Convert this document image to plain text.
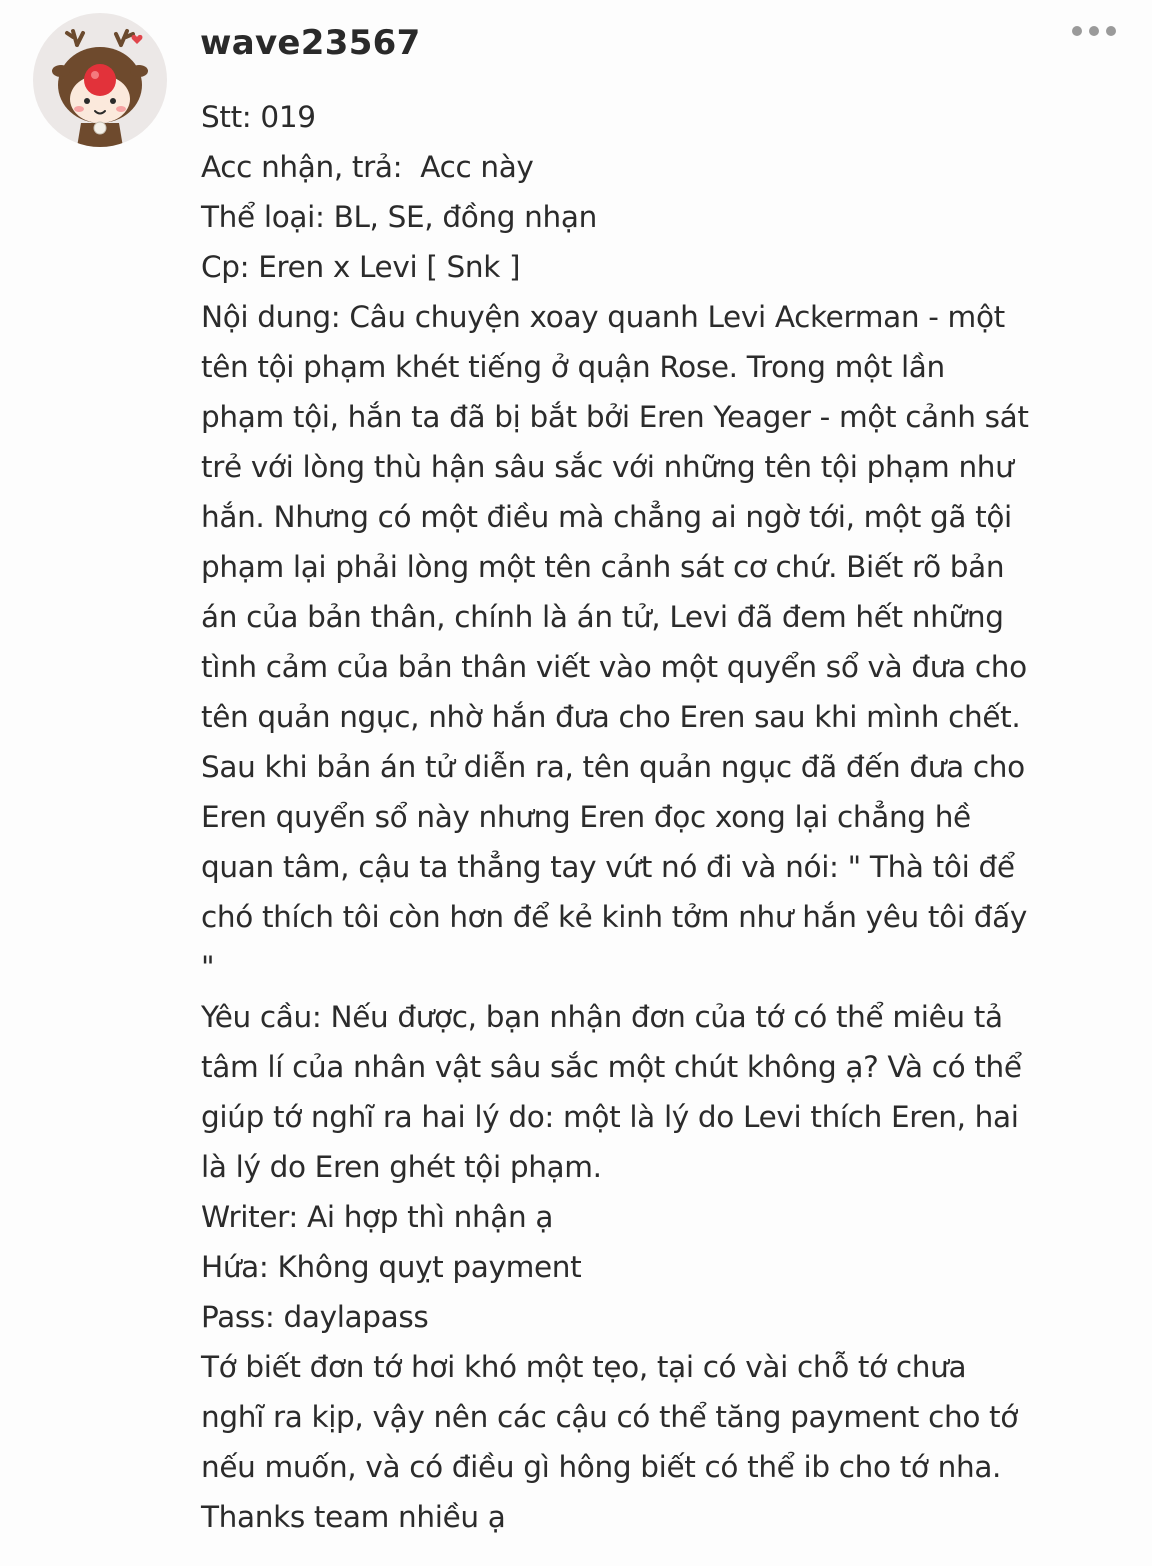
wave23567
Stt: 019
Acc nhận, trả:  Acc này
Thể loại: BL, SE, đồng nhạn
Cp: Eren x Levi [ Snk ]
Nội dung: Câu chuyện xoay quanh Levi Ackerman - một
tên tội phạm khét tiếng ở quận Rose. Trong một lần
phạm tội, hắn ta đã bị bắt bởi Eren Yeager - một cảnh sát
trẻ với lòng thù hận sâu sắc với những tên tội phạm như
hắn. Nhưng có một điều mà chẳng ai ngờ tới, một gã tội
phạm lại phải lòng một tên cảnh sát cơ chứ. Biết rõ bản
án của bản thân, chính là án tử, Levi đã đem hết những
tình cảm của bản thân viết vào một quyển sổ và đưa cho
tên quản ngục, nhờ hắn đưa cho Eren sau khi mình chết.
Sau khi bản án tử diễn ra, tên quản ngục đã đến đưa cho
Eren quyển sổ này nhưng Eren đọc xong lại chẳng hề
quan tâm, cậu ta thẳng tay vứt nó đi và nói: " Thà tôi để
chó thích tôi còn hơn để kẻ kinh tởm như hắn yêu tôi đấy
"
Yêu cầu: Nếu được, bạn nhận đơn của tớ có thể miêu tả
tâm lí của nhân vật sâu sắc một chút không ạ? Và có thể
giúp tớ nghĩ ra hai lý do: một là lý do Levi thích Eren, hai
là lý do Eren ghét tội phạm.
Writer: Ai hợp thì nhận ạ
Hứa: Không quỵt payment
Pass: daylapass
Tớ biết đơn tớ hơi khó một tẹo, tại có vài chỗ tớ chưa
nghĩ ra kịp, vậy nên các cậu có thể tăng payment cho tớ
nếu muốn, và có điều gì hông biết có thể ib cho tớ nha.
Thanks team nhiều ạ
